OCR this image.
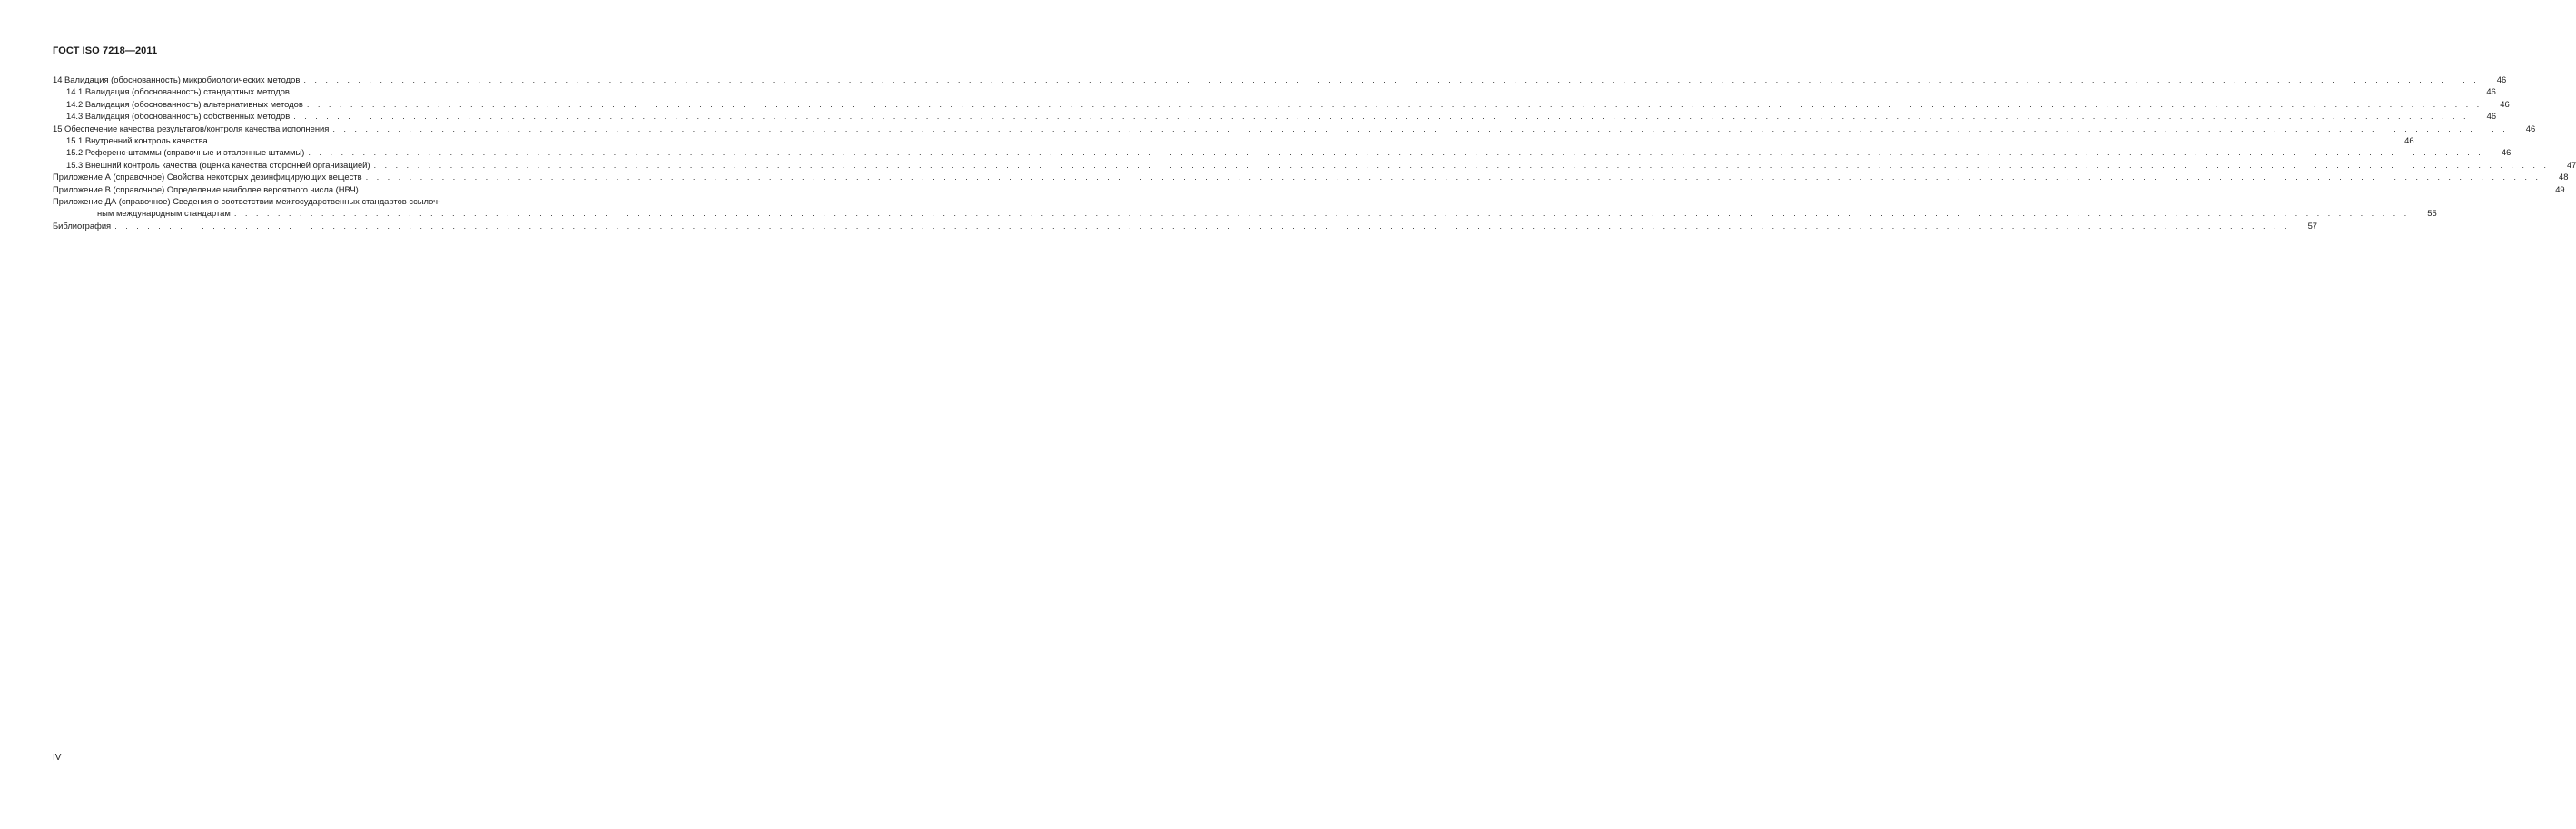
ГОСТ ISO 7218—2011
14 Валидация (обоснованность) микробиологических методов . . . . . . . . . . . . . . . . . . . . . . . . . . . . . . . . . . . . . . . . . . . . . . . . . . . . . . . . . . . . . . . . . . . . . . . . . . . . . . . . . . . . . . . . . . . . . . . . . . . . . . . . . . . . . . . . . . . . . . . . . . . . . . . . . . . . . . . . . . . . . . . . . . . . . . . . . . . . . . . . . . . . . . . . . . . . . . . . . . . . . . . . . . . . . . . . . . . . . . . .	46
14.1 Валидация (обоснованность) стандартных методов . . . . . . . . . . . . . . . . . . . . . . . . . . . . . . . . . . . . . . . . . . . . . . . . . . . . . . . . . . . . . . . . . . . . . . . . . . . . . . . . . . . . . . . . . . . . . . . . . . . . . . . . . . . . . . . . . . . . . . . . . . . . . . . . . . . . . . . . . . . . . . . . . . . . . . . . . . . . . . . . . . . . . . . . . . . . . . . . . . . . . . . . . . . . . . . . . . . . . . . .	46
14.2 Валидация (обоснованность) альтернативных методов . . . . . . . . . . . . . . . . . . . . . . . . . . . . . . . . . . . . . . . . . . . . . . . . . . . . . . . . . . . . . . . . . . . . . . . . . . . . . . . . . . . . . . . . . . . . . . . . . . . . . . . . . . . . . . . . . . . . . . . . . . . . . . . . . . . . . . . . . . . . . . . . . . . . . . . . . . . . . . . . . . . . . . . . . . . . . . . . . . . . . . . . . . . . . . . . . . . . . . . .	46
14.3 Валидация (обоснованность) собственных методов . . . . . . . . . . . . . . . . . . . . . . . . . . . . . . . . . . . . . . . . . . . . . . . . . . . . . . . . . . . . . . . . . . . . . . . . . . . . . . . . . . . . . . . . . . . . . . . . . . . . . . . . . . . . . . . . . . . . . . . . . . . . . . . . . . . . . . . . . . . . . . . . . . . . . . . . . . . . . . . . . . . . . . . . . . . . . . . . . . . . . . . . . . . . . . . . . . . . . . . .	46
15 Обеспечение качества результатов/контроля качества исполнения . . . . . . . . . . . . . . . . . . . . . . . . . . . . . . . . . . . . . . . . . . . . . . . . . . . . . . . . . . . . . . . . . . . . . . . . . . . . . . . . . . . . . . . . . . . . . . . . . . . . . . . . . . . . . . . . . . . . . . . . . . . . . . . . . . . . . . . . . . . . . . . . . . . . . . . . . . . . . . . . . . . . . . . . . . . . . . . . . . . . . . . . . . . . . . . . . . . . . . . .	46
15.1 Внутренний контроль качества . . . . . . . . . . . . . . . . . . . . . . . . . . . . . . . . . . . . . . . . . . . . . . . . . . . . . . . . . . . . . . . . . . . . . . . . . . . . . . . . . . . . . . . . . . . . . . . . . . . . . . . . . . . . . . . . . . . . . . . . . . . . . . . . . . . . . . . . . . . . . . . . . . . . . . . . . . . . . . . . . . . . . . . . . . . . . . . . . . . . . . . . . . . . . . . . . . . . . . . .	46
15.2 Референс-штаммы (справочные и эталонные штаммы) . . . . . . . . . . . . . . . . . . . . . . . . . . . . . . . . . . . . . . . . . . . . . . . . . . . . . . . . . . . . . . . . . . . . . . . . . . . . . . . . . . . . . . . . . . . . . . . . . . . . . . . . . . . . . . . . . . . . . . . . . . . . . . . . . . . . . . . . . . . . . . . . . . . . . . . . . . . . . . . . . . . . . . . . . . . . . . . . . . . . . . . . . . . . . . . . . . . . . . . .	46
15.3 Внешний контроль качества (оценка качества сторонней организацией) . . . . . . . . . . . . . . . . . . . . . . . . . . . . . . . . . . . . . . . . . . . . . . . . . . . . . . . . . . . . . . . . . . . . . . . . . . . . . . . . . . . . . . . . . . . . . . . . . . . . . . . . . . . . . . . . . . . . . . . . . . . . . . . . . . . . . . . . . . . . . . . . . . . . . . . . . . . . . . . . . . . . . . . . . . . . . . . . . . . . . . . . . . . . . . . . . . . . . . . .	47
Приложение А (справочное) Свойства некоторых дезинфицирующих веществ . . . . . . . . . . . . . . . . . . . . . . . . . . . . . . . . . . . . . . . . . . . . . . . . . . . . . . . . . . . . . . . . . . . . . . . . . . . . . . . . . . . . . . . . . . . . . . . . . . . . . . . . . . . . . . . . . . . . . . . . . . . . . . . . . . . . . . . . . . . . . . . . . . . . . . . . . . . . . . . . . . . . . . . . . . . . . . . . . . . . . . . . . . . . . . . . . . . . . . . .	48
Приложение В (справочное) Определение наиболее вероятного числа (НВЧ) . . . . . . . . . . . . . . . . . . . . . . . . . . . . . . . . . . . . . . . . . . . . . . . . . . . . . . . . . . . . . . . . . . . . . . . . . . . . . . . . . . . . . . . . . . . . . . . . . . . . . . . . . . . . . . . . . . . . . . . . . . . . . . . . . . . . . . . . . . . . . . . . . . . . . . . . . . . . . . . . . . . . . . . . . . . . . . . . . . . . . . . . . . . . . . . . . . . . . . . .	49
Приложение ДА (справочное) Сведения о соответствии межгосударственных стандартов ссылоч-
ным международным стандартам . . . . . . . . . . . . . . . . . . . . . . . . . . . . . . . . . . . . . . . . . . . . . . . . . . . . . . . . . . . . . . . . . . . . . . . . . . . . . . . . . . . . . . . . . . . . . . . . . . . . . . . . . . . . . . . . . . . . . . . . . . . . . . . . . . . . . . . . . . . . . . . . . . . . . . . . . . . . . . . . . . . . . . . . . . . . . . . . . . . . . . . . . . . . . . . . . . . . . . . .	55
Библиография . . . . . . . . . . . . . . . . . . . . . . . . . . . . . . . . . . . . . . . . . . . . . . . . . . . . . . . . . . . . . . . . . . . . . . . . . . . . . . . . . . . . . . . . . . . . . . . . . . . . . . . . . . . . . . . . . . . . . . . . . . . . . . . . . . . . . . . . . . . . . . . . . . . . . . . . . . . . . . . . . . . . . . . . . . . . . . . . . . . . . . . . . . . . . . . . . . . . . . . .	57
IV
